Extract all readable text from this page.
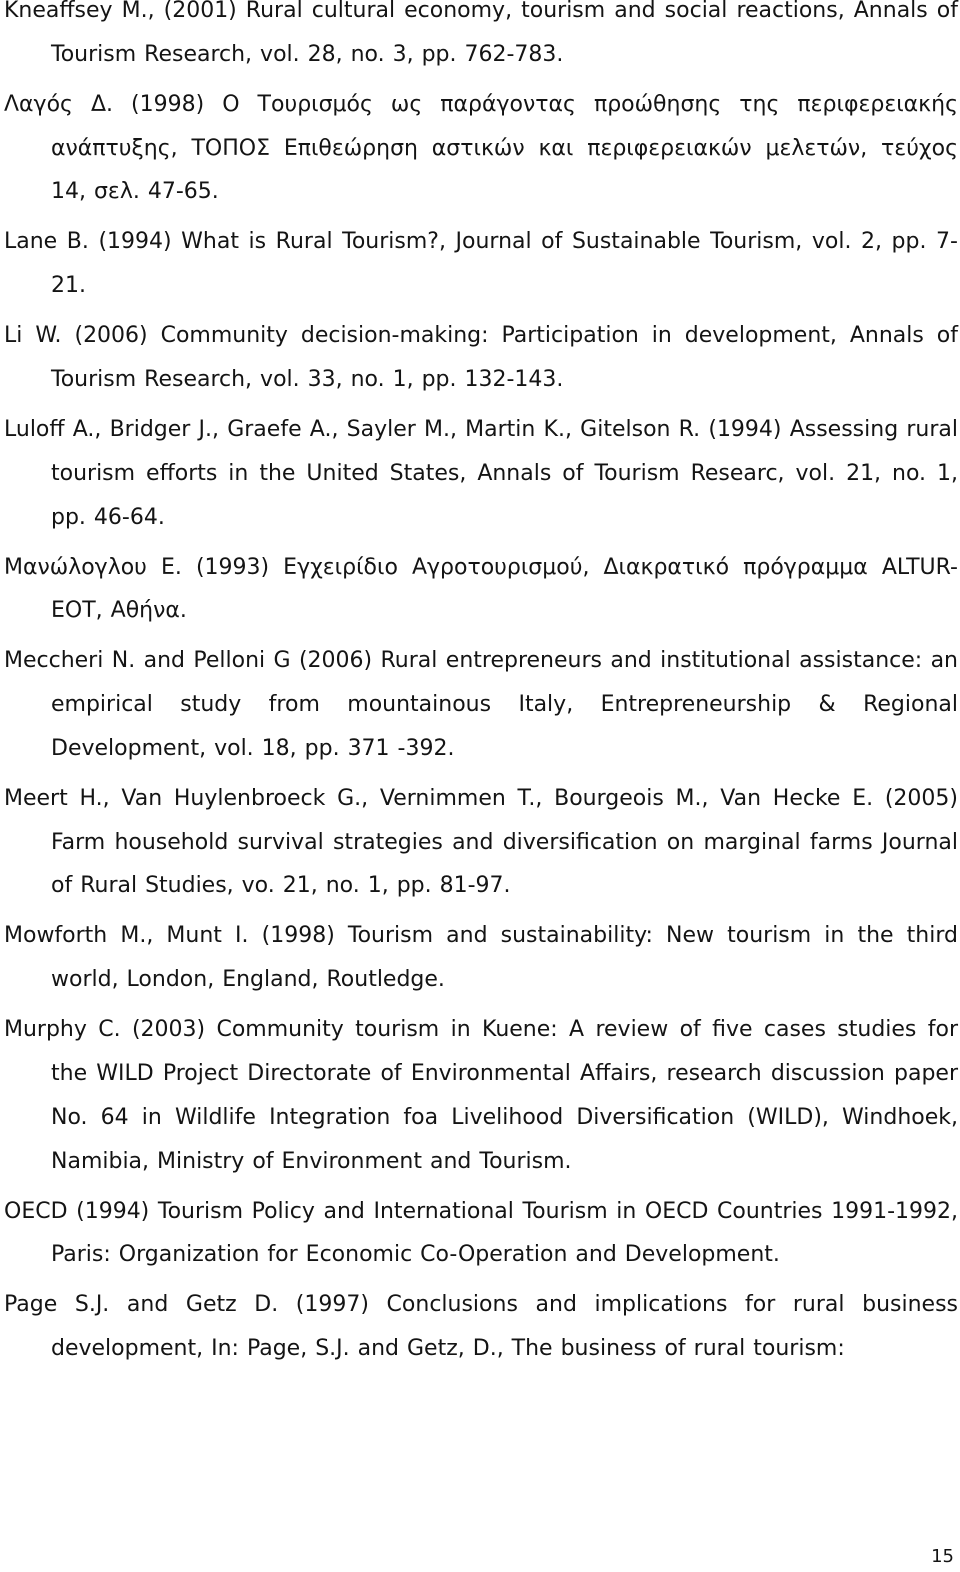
Kneaffsey M., (2001) Rural cultural economy, tourism and social reactions, Annals of Tourism Research, vol. 28, no. 3, pp. 762-783.

Λαγός Δ. (1998) Ο Τουρισμός ως παράγοντας προώθησης της περιφερειακής ανάπτυξης, ΤΟΠΟΣ Επιθεώρηση αστικών και περιφερειακών μελετών, τεύχος 14, σελ. 47-65.

Lane B. (1994) What is Rural Tourism?, Journal of Sustainable Tourism, vol. 2, pp. 7-21.

Li W. (2006) Community decision-making: Participation in development, Annals of Tourism Research, vol. 33, no. 1, pp. 132-143.

Luloff A., Bridger J., Graefe A., Sayler M., Martin K., Gitelson R. (1994) Assessing rural tourism efforts in the United States, Annals of Tourism Researc, vol. 21, no. 1, pp. 46-64.

Μανώλογλου Ε. (1993) Εγχειρίδιο Αγροτουρισμού, Διακρατικό πρόγραμμα ALTUR-ΕΟΤ, Αθήνα.

Meccheri N. and Pelloni G (2006) Rural entrepreneurs and institutional assistance: an empirical study from mountainous Italy, Entrepreneurship & Regional Development, vol. 18, pp. 371 -392.

Meert H., Van Huylenbroeck G., Vernimmen T., Bourgeois M., Van Hecke E. (2005) Farm household survival strategies and diversification on marginal farms Journal of Rural Studies, vo. 21, no. 1, pp. 81-97.

Mowforth M., Munt I. (1998) Tourism and sustainability: New tourism in the third world, London, England, Routledge.

Murphy C. (2003) Community tourism in Kuene: A review of five cases studies for the WILD Project Directorate of Environmental Affairs, research discussion paper No. 64 in Wildlife Integration foa Livelihood Diversification (WILD), Windhoek, Namibia, Ministry of Environment and Tourism.

OECD (1994) Tourism Policy and International Tourism in OECD Countries 1991-1992, Paris: Organization for Economic Co-Operation and Development.

Page S.J. and Getz D. (1997) Conclusions and implications for rural business development, In: Page, S.J. and Getz, D., The business of rural tourism:

15
